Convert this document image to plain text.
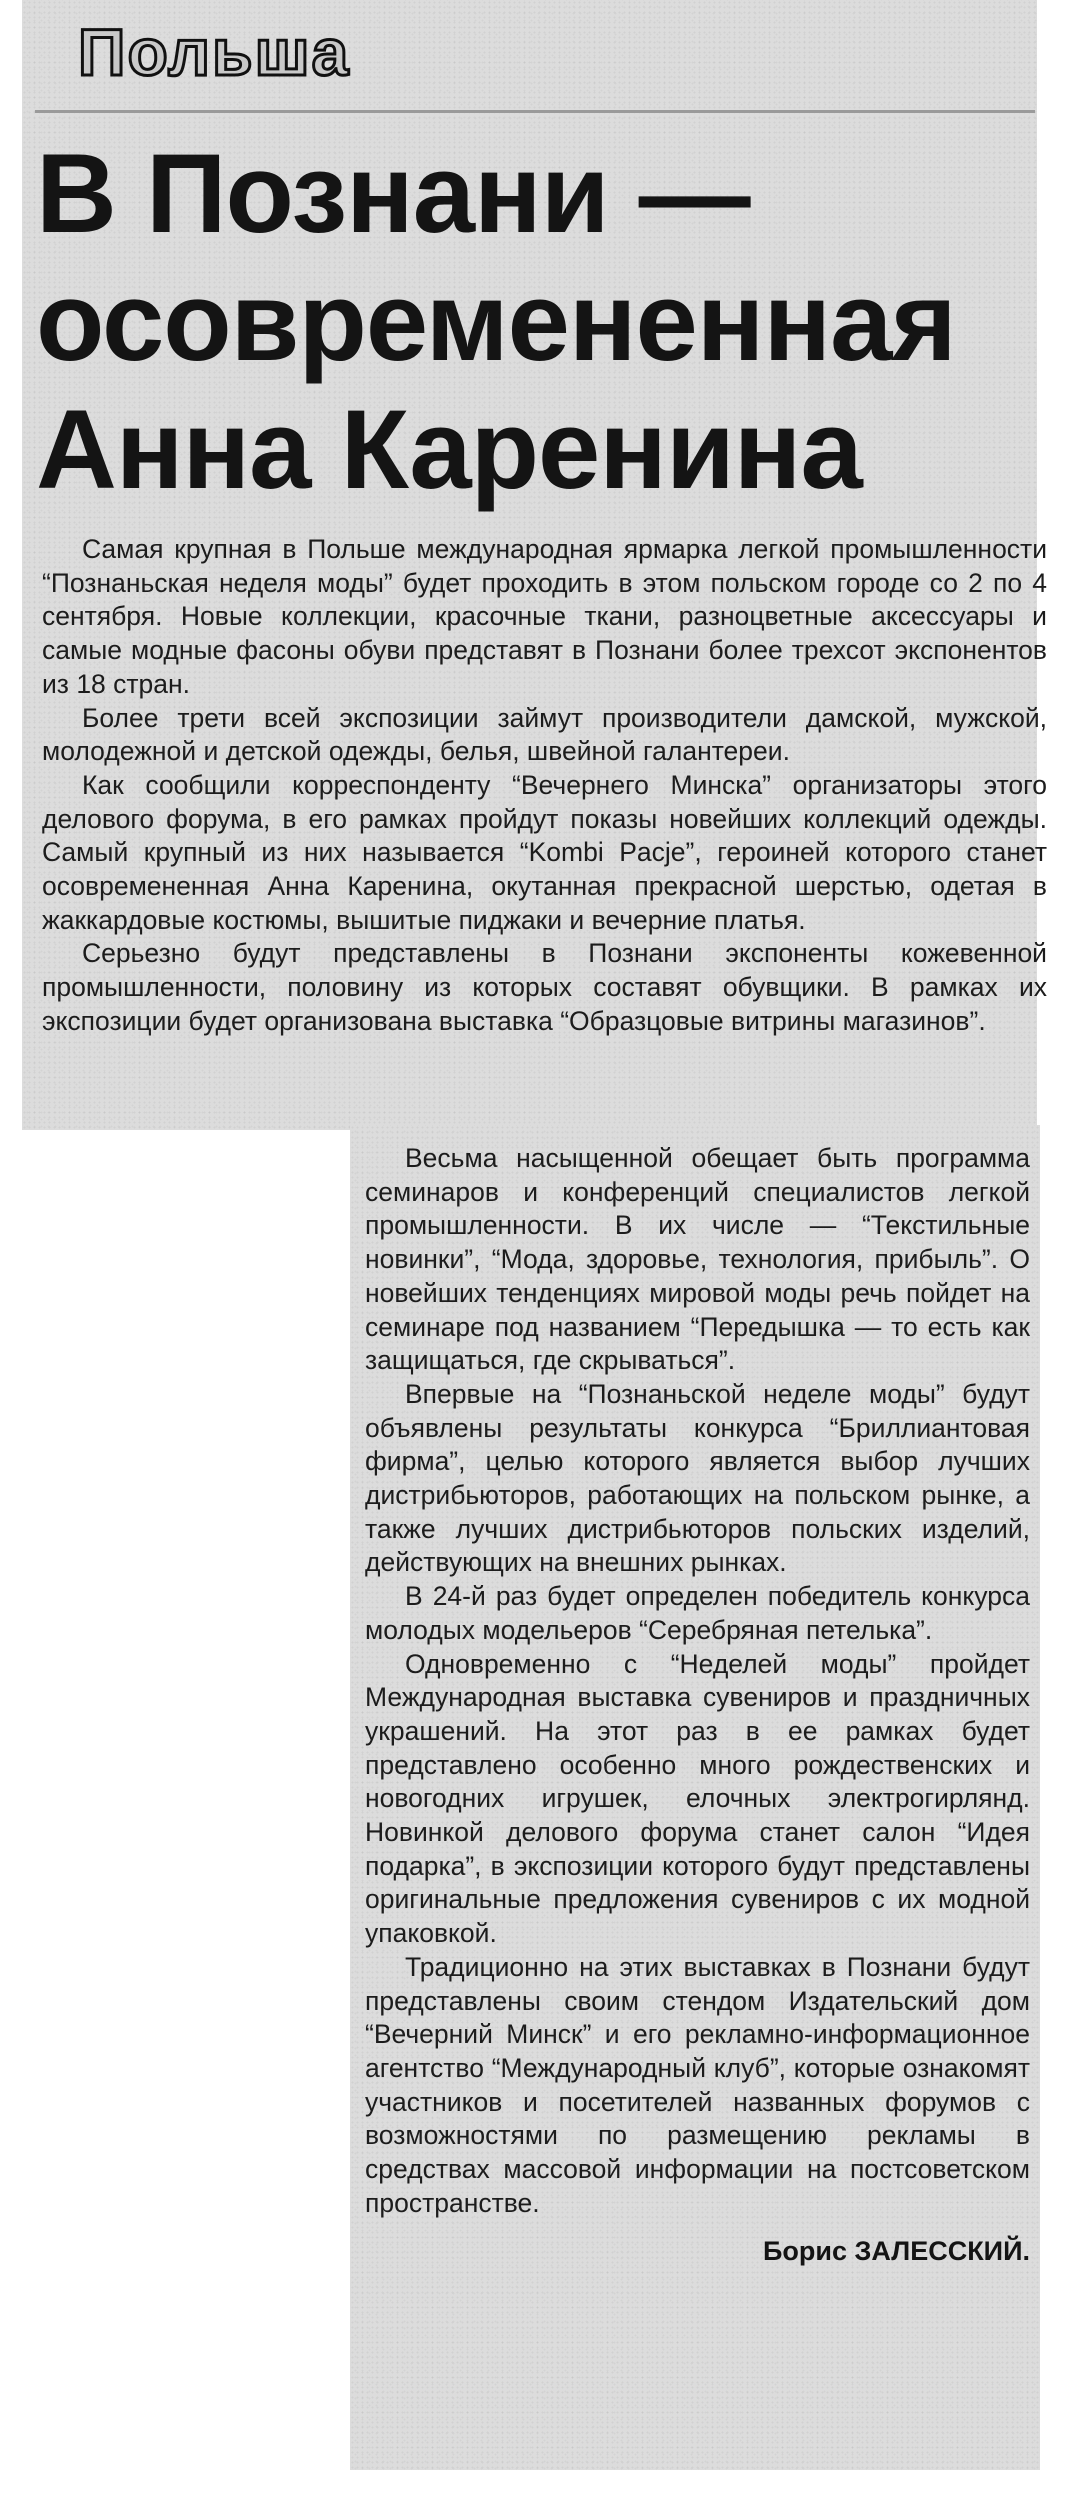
Польша
В Познани —
осовремененная
Анна Каренина

Самая крупная в Польше международная ярмарка легкой промышленности “Познаньская неделя моды” будет проходить в этом польском городе со 2 по 4 сентября. Новые коллекции, красочные ткани, разноцветные аксессуары и самые модные фасоны обуви представят в Познани более трехсот экспонентов из 18 стран.

Более трети всей экспозиции займут производители дамской, мужской, молодежной и детской одежды, белья, швейной галантереи.

Как сообщили корреспонденту “Вечернего Минска” организаторы этого делового форума, в его рамках пройдут показы новейших коллекций одежды. Самый крупный из них называется “Kombi Pacje”, героиней которого станет осовремененная Анна Каренина, окутанная прекрасной шерстью, одетая в жаккардовые костюмы, вышитые пиджаки и вечерние платья.

Серьезно будут представлены в Познани экспоненты кожевенной промышленности, половину из которых составят обувщики. В рамках их экспозиции будет организована выставка “Образцовые витрины магазинов”.

Весьма насыщенной обещает быть программа семинаров и конференций специалистов легкой промышленности. В их числе — “Текстильные новинки”, “Мода, здоровье, технология, прибыль”. О новейших тенденциях мировой моды речь пойдет на семинаре под названием “Передышка — то есть как защищаться, где скрываться”.

Впервые на “Познаньской неделе моды” будут объявлены результаты конкурса “Бриллиантовая фирма”, целью которого является выбор лучших дистрибьюторов, работающих на польском рынке, а также лучших дистрибьюторов польских изделий, действующих на внешних рынках.

В 24-й раз будет определен победитель конкурса молодых модельеров “Серебряная петелька”.

Одновременно с “Неделей моды” пройдет Международная выставка сувениров и праздничных украшений. На этот раз в ее рамках будет представлено особенно много рождественских и новогодних игрушек, елочных электрогирлянд. Новинкой делового форума станет салон “Идея подарка”, в экспозиции которого будут представлены оригинальные предложения сувениров с их модной упаковкой.

Традиционно на этих выставках в Познани будут представлены своим стендом Издательский дом “Вечерний Минск” и его рекламно-информационное агентство “Международный клуб”, которые ознакомят участников и посетителей названных форумов с возможностями по размещению рекламы в средствах массовой информации на постсоветском пространстве.

Борис ЗАЛЕССКИЙ.
